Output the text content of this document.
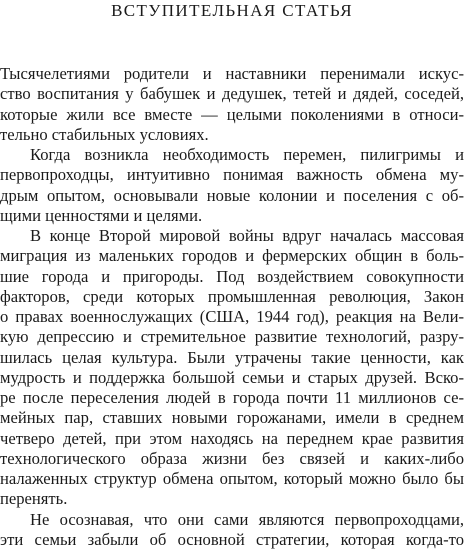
ВСТУПИТЕЛЬНАЯ СТАТЬЯ
Тысячелетиями родители и наставники перенимали искус-
ство воспитания у бабушек и дедушек, тетей и дядей, соседей,
которые жили все вместе — целыми поколениями в относи-
тельно стабильных условиях.
Когда возникла необходимость перемен, пилигримы и
первопроходцы, интуитивно понимая важность обмена му-
дрым опытом, основывали новые колонии и поселения с об-
щими ценностями и целями.
В конце Второй мировой войны вдруг началась массовая
миграция из маленьких городов и фермерских общин в боль-
шие города и пригороды. Под воздействием совокупности
факторов, среди которых промышленная революция, Закон
о правах военнослужащих (США, 1944 год), реакция на Вели-
кую депрессию и стремительное развитие технологий, разру-
шилась целая культура. Были утрачены такие ценности, как
мудрость и поддержка большой семьи и старых друзей. Вско-
ре после переселения людей в города почти 11 миллионов се-
мейных пар, ставших новыми горожанами, имели в среднем
четверо детей, при этом находясь на переднем крае развития
технологического образа жизни без связей и каких-либо
налаженных структур обмена опытом, который можно было бы
перенять.
Не осознавая, что они сами являются первопроходцами,
эти семьи забыли об основной стратегии, которая когда-то
